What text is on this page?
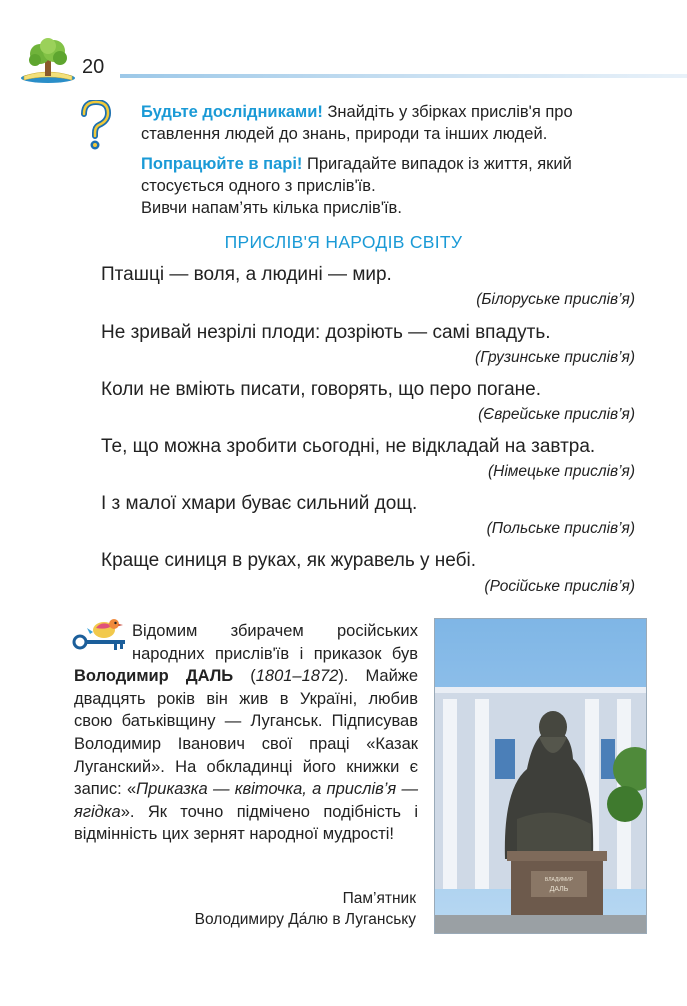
20
Будьте дослідниками! Знайдіть у збірках прислів'я про
ставлення людей до знань, природи та інших людей.
Попрацюйте в парі! Пригадайте випадок із життя, який
стосується одного з прислів'їв.
Вивчи напам’ять кілька прислів'їв.
ПРИСЛІВ'Я НАРОДІВ СВІТУ
Пташці — воля, а людині — мир.
(Білоруське прислів’я)
Не зривай незрілі плоди: дозріють — самі впадуть.
(Грузинське прислів’я)
Коли не вміють писати, говорять, що перо погане.
(Єврейське прислів’я)
Те, що можна зробити сьогодні, не відкладай на завтра.
(Німецьке прислів’я)
І з малої хмари буває сильний дощ.
(Польське прислів’я)
Краще синиця в руках, як журавель у небі.
(Російське прислів’я)
Відомим збирачем російських народних прислів'їв і приказок був Володимир ДАЛЬ (1801–1872). Майже двадцять років він жив в Україні, любив свою батьківщину — Луганськ. Підписував Володимир Іванович свої праці «Казак Луганский». На обкладинці його книжки є запис: «Приказка — квіточка, а прислів’я — ягідка». Як точно підмічено подібність і відмінність цих зернят народної мудрості!
Пам’ятник
Володимиру Да́лю в Луганську
ВЛАДИМИР
ДАЛЬ
